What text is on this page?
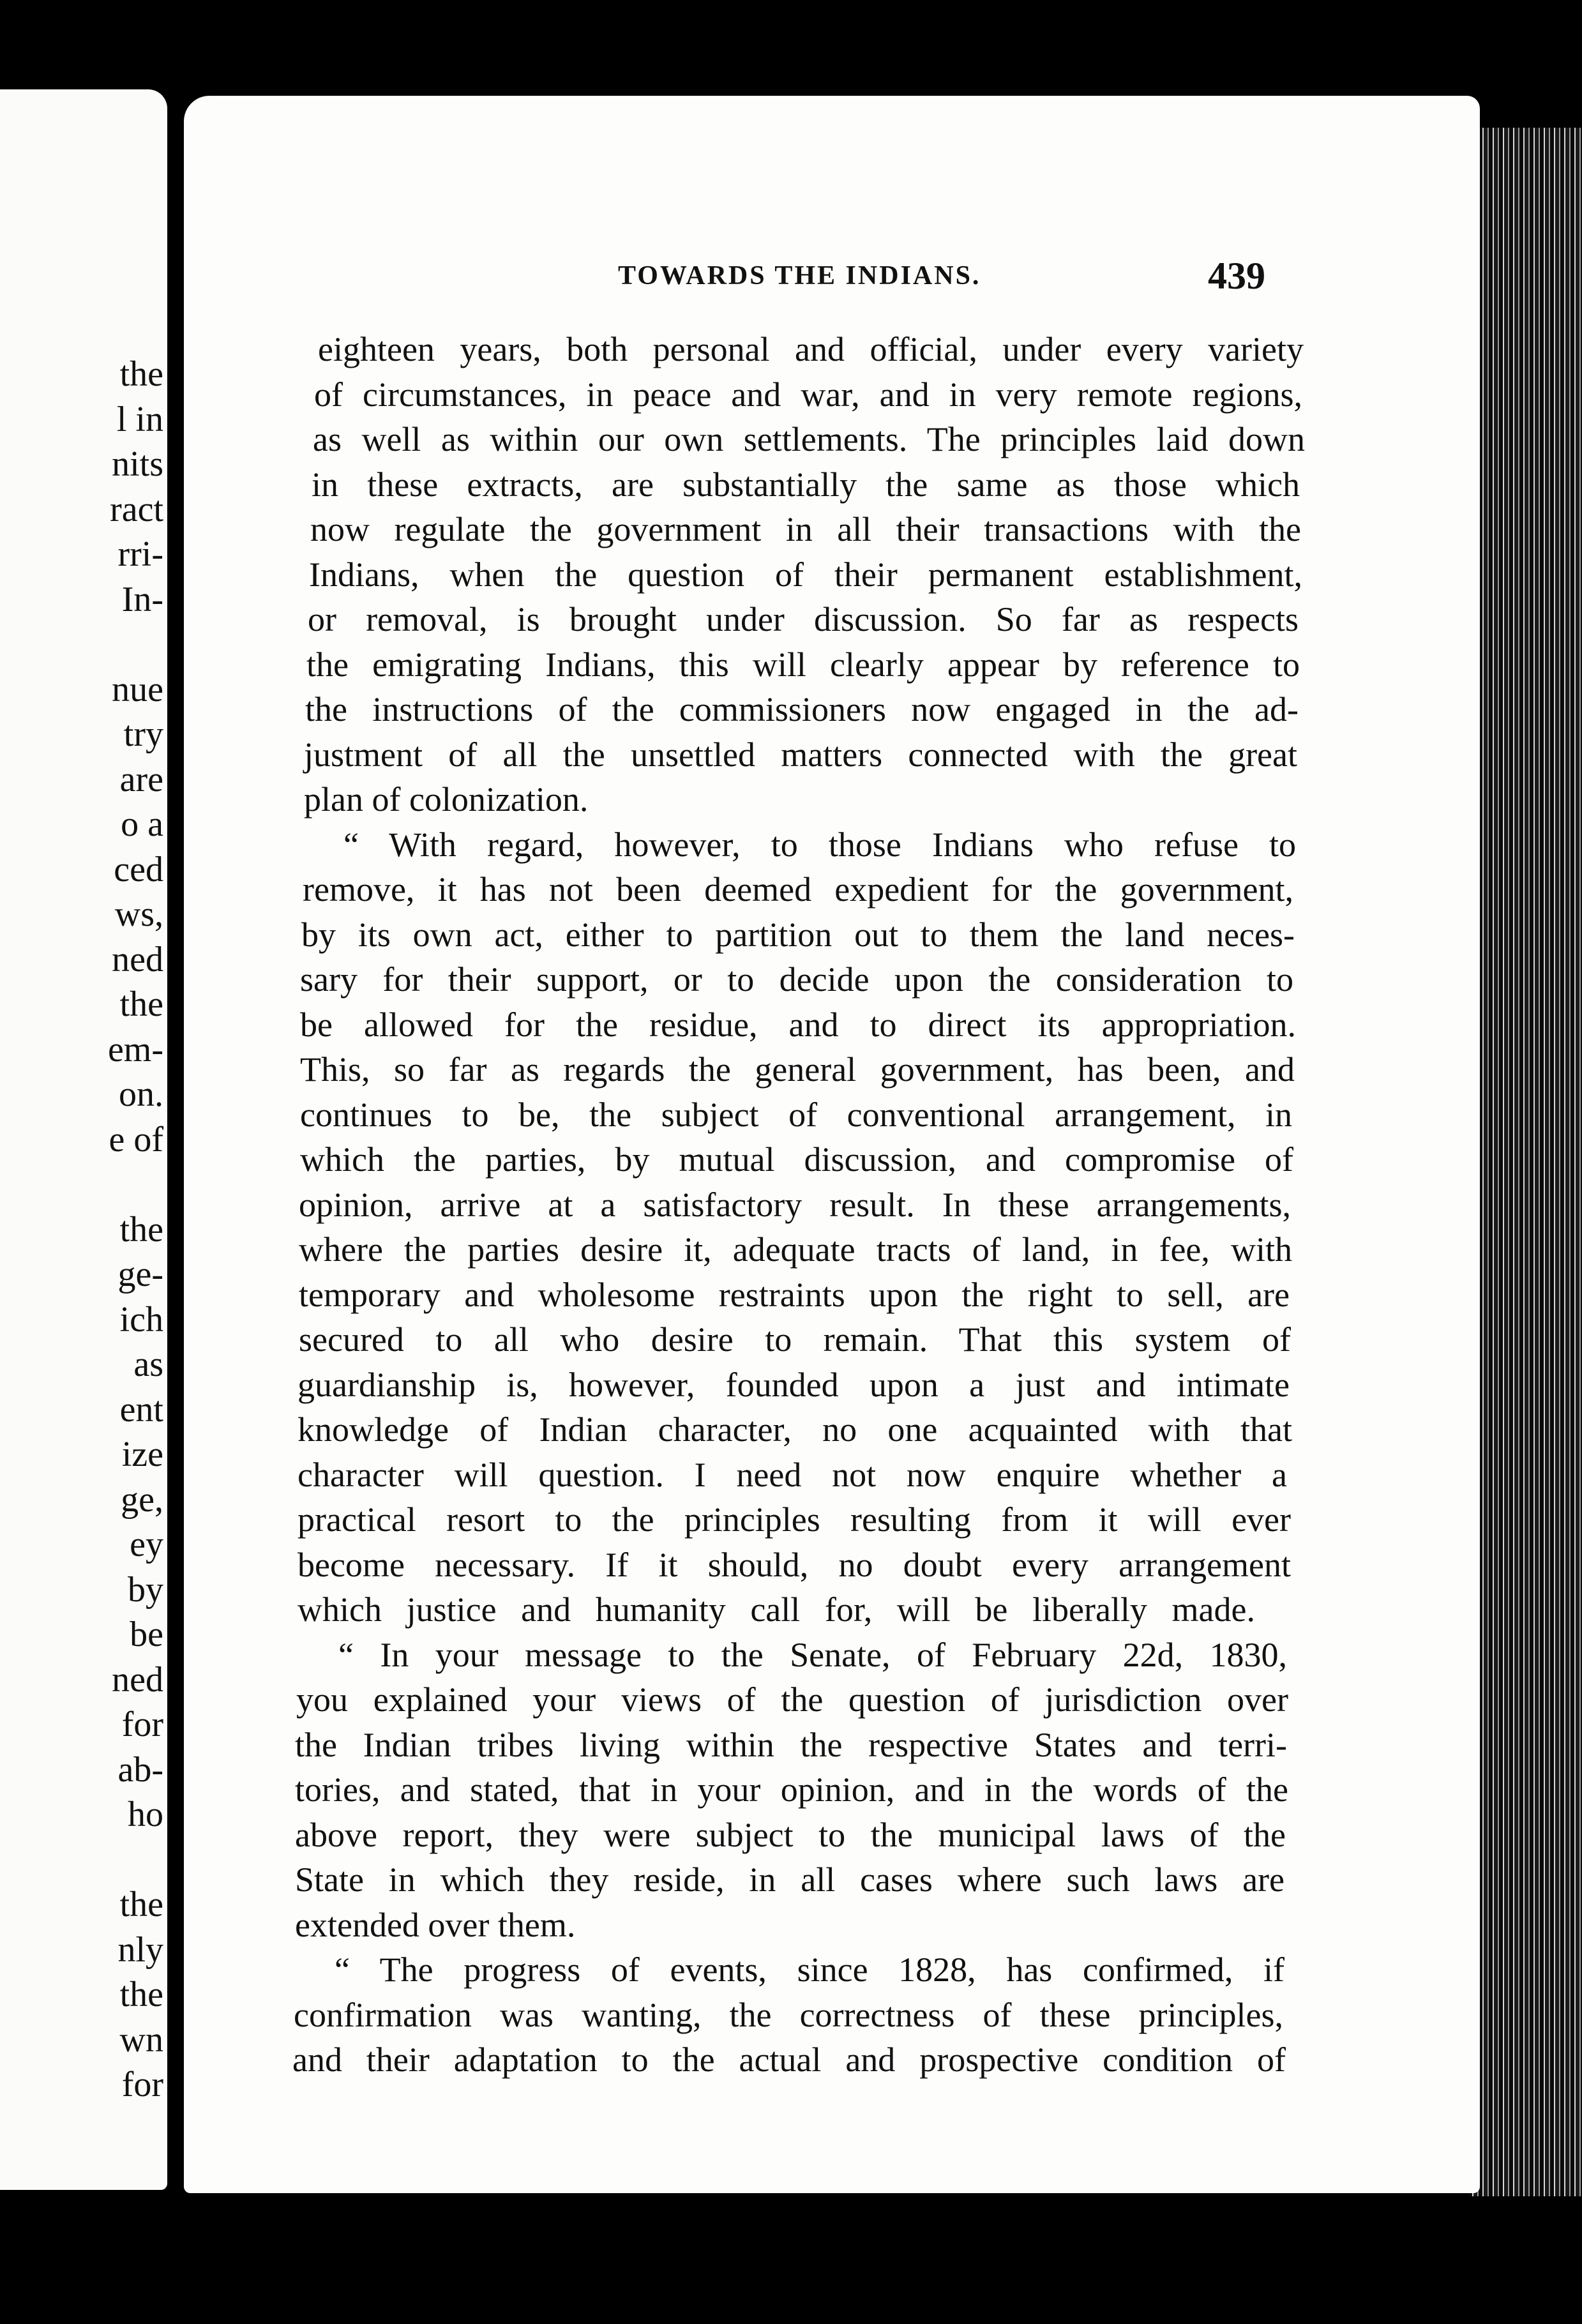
the
l in
nits
ract
rri-
In-
nue
try
are
o a
ced
ws,
ned
the
em-
on.
e of
the
ge-
ich
as
ent
ize
ge,
ey
by
be
ned
for
ab-
ho
the
nly
the
wn
for
TOWARDS THE INDIANS.	439
eighteen years, both personal and official, under every variety
of circumstances, in peace and war, and in very remote regions,
as well as within our own settlements. The principles laid down
in these extracts, are substantially the same as those which
now regulate the government in all their transactions with the
Indians, when the question of their permanent establishment,
or removal, is brought under discussion. So far as respects
the emigrating Indians, this will clearly appear by reference to
the instructions of the commissioners now engaged in the ad-
justment of all the unsettled matters connected with the great
plan of colonization.
“ With regard, however, to those Indians who refuse to
remove, it has not been deemed expedient for the government,
by its own act, either to partition out to them the land neces-
sary for their support, or to decide upon the consideration to
be allowed for the residue, and to direct its appropriation.
This, so far as regards the general government, has been, and
continues to be, the subject of conventional arrangement, in
which the parties, by mutual discussion, and compromise of
opinion, arrive at a satisfactory result. In these arrangements,
where the parties desire it, adequate tracts of land, in fee, with
temporary and wholesome restraints upon the right to sell, are
secured to all who desire to remain. That this system of
guardianship is, however, founded upon a just and intimate
knowledge of Indian character, no one acquainted with that
character will question. I need not now enquire whether a
practical resort to the principles resulting from it will ever
become necessary. If it should, no doubt every arrangement
which justice and humanity call for, will be liberally made.
“ In your message to the Senate, of February 22d, 1830,
you explained your views of the question of jurisdiction over
the Indian tribes living within the respective States and terri-
tories, and stated, that in your opinion, and in the words of the
above report, they were subject to the municipal laws of the
State in which they reside, in all cases where such laws are
extended over them.
“ The progress of events, since 1828, has confirmed, if
confirmation was wanting, the correctness of these principles,
and their adaptation to the actual and prospective condition of
